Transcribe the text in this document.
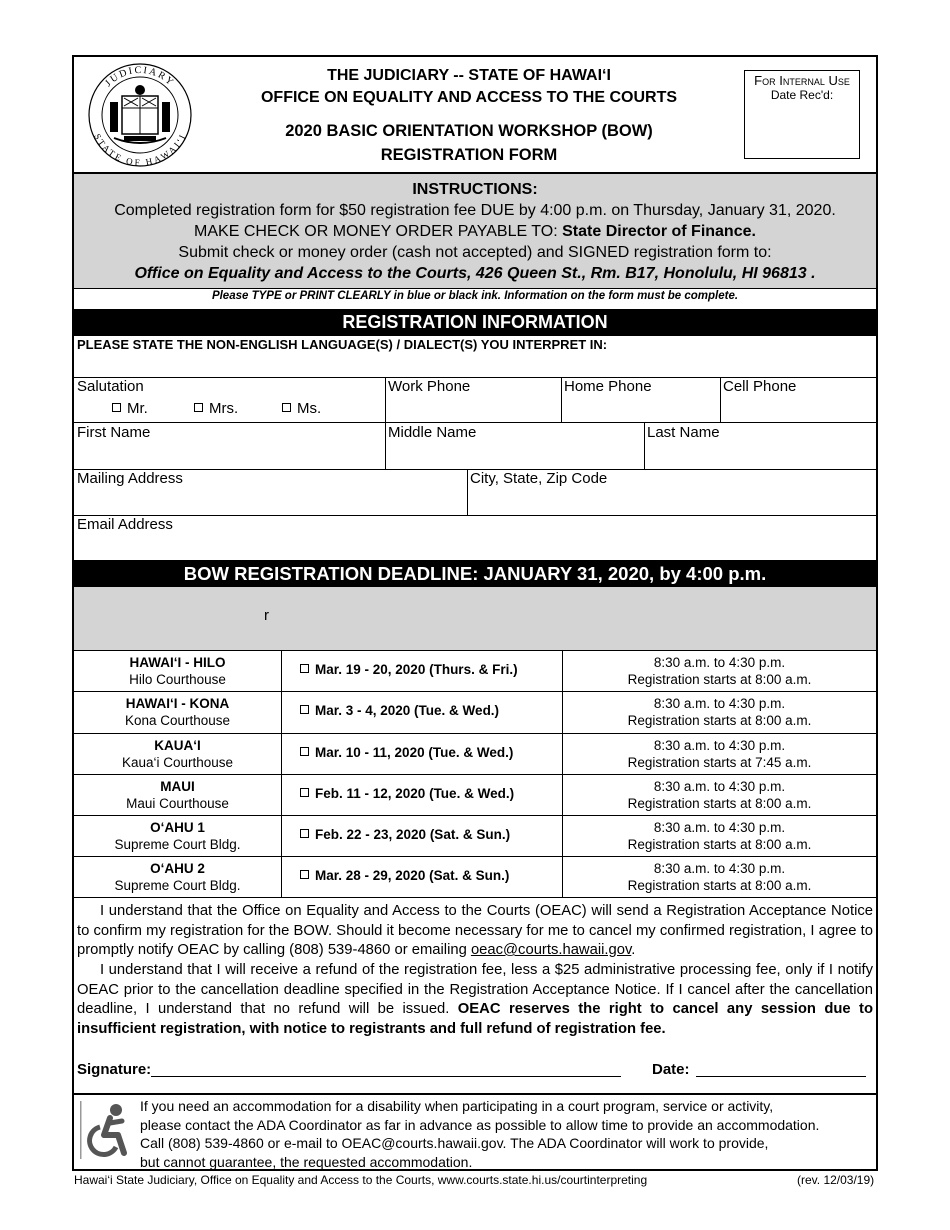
JUDICIARY
STATE OF HAWAI‘I
THE JUDICIARY -- STATE OF HAWAI‘I
OFFICE ON EQUALITY AND ACCESS TO THE COURTS
2020 BASIC ORIENTATION WORKSHOP (BOW)
REGISTRATION FORM
For Internal Use
Date Rec'd:
INSTRUCTIONS:
Completed registration form for $50 registration fee DUE by 4:00 p.m. on Thursday, January 31, 2020.
MAKE CHECK OR MONEY ORDER PAYABLE TO: State Director of Finance.
Submit check or money order (cash not accepted) and SIGNED registration form to:
Office on Equality and Access to the Courts, 426 Queen St., Rm. B17, Honolulu, HI 96813 .
Please TYPE or PRINT CLEARLY in blue or black ink. Information on the form must be complete.
REGISTRATION INFORMATION
PLEASE STATE THE NON-ENGLISH LANGUAGE(S) / DIALECT(S) YOU INTERPRET IN:
Salutation
Mr.	Mrs.	Ms.
Work Phone	Home Phone	Cell Phone
First Name	Middle Name	Last Name
Mailing Address	City, State, Zip Code
Email Address
BOW REGISTRATION DEADLINE: JANUARY 31, 2020, by 4:00 p.m.
r
HAWAI‘I - HILO
Hilo Courthouse
Mar. 19 - 20, 2020 (Thurs. & Fri.)	8:30 a.m. to 4:30 p.m.
Registration starts at 8:00 a.m.
HAWAI‘I - KONA
Kona Courthouse
Mar. 3 - 4, 2020 (Tue. & Wed.)	8:30 a.m. to 4:30 p.m.
Registration starts at 8:00 a.m.
KAUA‘I
Kaua‘i Courthouse
Mar. 10 - 11, 2020 (Tue. & Wed.)	8:30 a.m. to 4:30 p.m.
Registration starts at 7:45 a.m.
MAUI
Maui Courthouse
Feb. 11 - 12, 2020 (Tue. & Wed.)	8:30 a.m. to 4:30 p.m.
Registration starts at 8:00 a.m.
O‘AHU 1
Supreme Court Bldg.
Feb. 22 - 23, 2020 (Sat. & Sun.)	8:30 a.m. to 4:30 p.m.
Registration starts at 8:00 a.m.
O‘AHU 2
Supreme Court Bldg.
Mar. 28 - 29, 2020 (Sat. & Sun.)	8:30 a.m. to 4:30 p.m.
Registration starts at 8:00 a.m.
I understand that the Office on Equality and Access to the Courts (OEAC) will send a Registration Acceptance Notice to confirm my registration for the BOW. Should it become necessary for me to cancel my confirmed registration, I agree to promptly notify OEAC by calling (808) 539-4860 or emailing oeac@courts.hawaii.gov.
I understand that I will receive a refund of the registration fee, less a $25 administrative processing fee, only if I notify OEAC prior to the cancellation deadline specified in the Registration Acceptance Notice. If I cancel after the cancellation deadline, I understand that no refund will be issued. OEAC reserves the right to cancel any session due to insufficient registration, with notice to registrants and full refund of registration fee.
Signature:	Date:
If you need an accommodation for a disability when participating in a court program, service or activity,
please contact the ADA Coordinator as far in advance as possible to allow time to provide an accommodation.
Call (808) 539-4860 or e-mail to OEAC@courts.hawaii.gov. The ADA Coordinator will work to provide,
but cannot guarantee, the requested accommodation.
Hawai‘i State Judiciary, Office on Equality and Access to the Courts, www.courts.state.hi.us/courtinterpreting	(rev. 12/03/19)
